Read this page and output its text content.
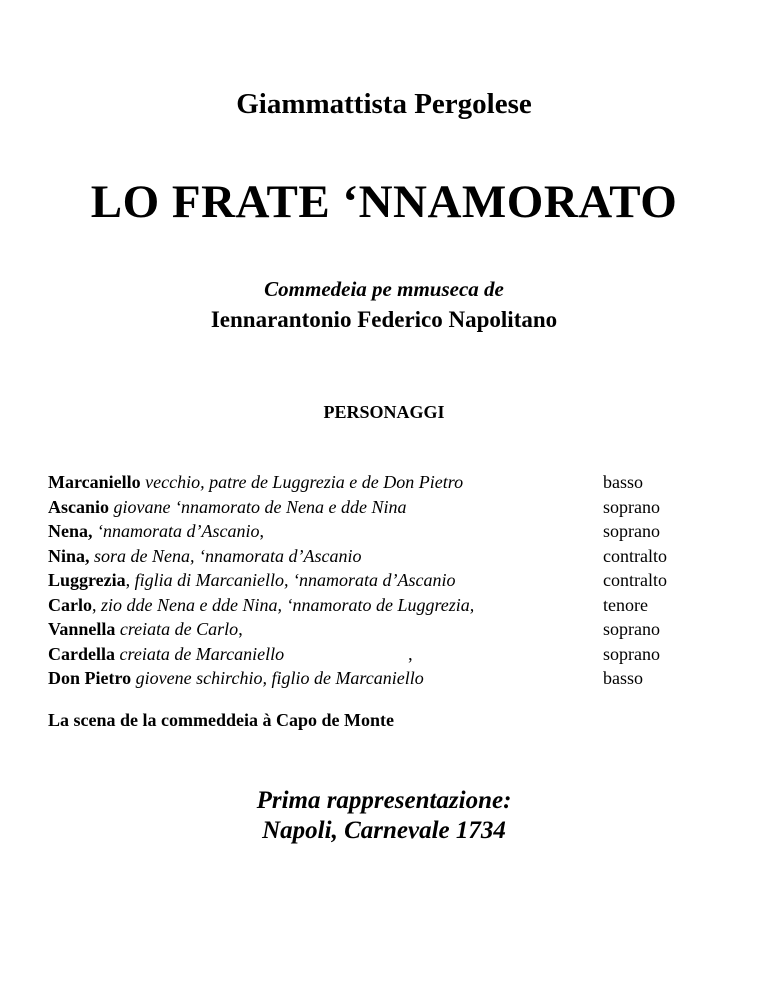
Giammattista Pergolese
LO FRATE ‘NNAMORATO

Commedeia pe mmuseca de

Iennarantonio Federico Napolitano

PERSONAGGI

Marcaniello vecchio, patre de Luggrezia e de Don Pietro	basso
Ascanio giovane ‘nnamorato de Nena e dde Nina	soprano
Nena, ‘nnamorata d’Ascanio,	soprano
Nina, sora de Nena, ‘nnamorata d’Ascanio	contralto
Luggrezia, figlia di Marcaniello, ‘nnamorata d’Ascanio	contralto
Carlo, zio dde Nena e dde Nina, ‘nnamorato de Luggrezia,	tenore
Vannella creiata de Carlo,	soprano
Cardella creiata de Marcaniello	,	soprano
Don Pietro giovene schirchio, figlio de Marcaniello	basso

La scena de la commeddeia à Capo de Monte

Prima rappresentazione:
Napoli, Carnevale 1734
